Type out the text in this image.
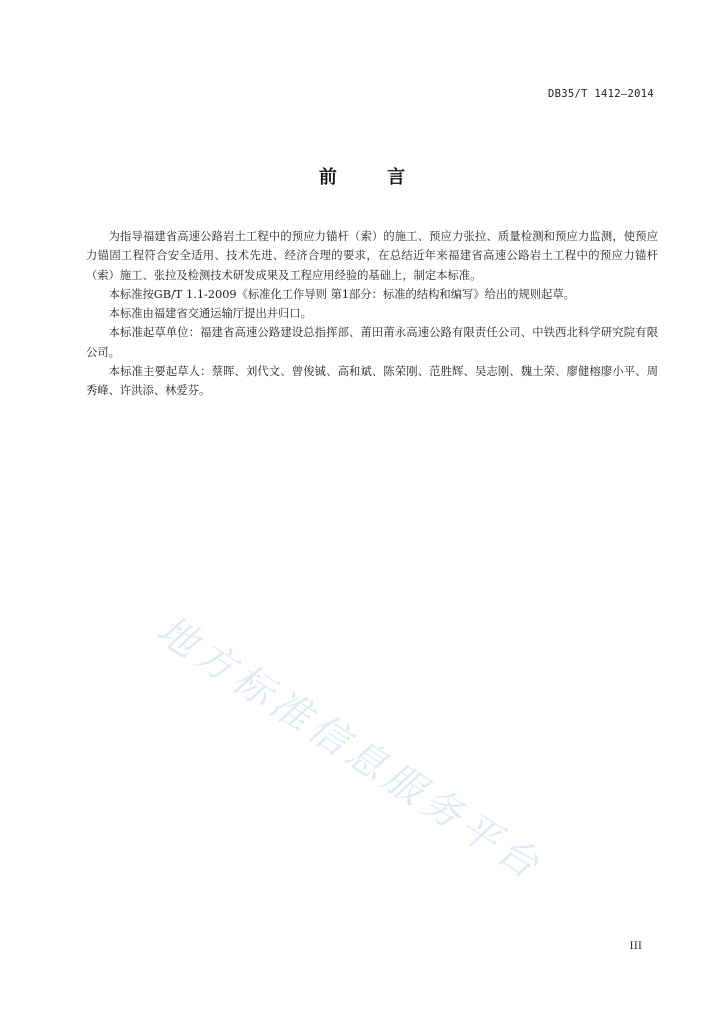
DB35/T 1412—2014
前 言

为指导福建省高速公路岩土工程中的预应力锚杆（索）的施工、预应力张拉、质量检测和预应力监测，使预应力锚固工程符合安全适用、技术先进、经济合理的要求，在总结近年来福建省高速公路岩土工程中的预应力锚杆（索）施工、张拉及检测技术研发成果及工程应用经验的基础上，制定本标准。

本标准按GB/T 1.1-2009《标准化工作导则 第1部分：标准的结构和编写》给出的规则起草。

本标准由福建省交通运输厅提出并归口。

本标准起草单位：福建省高速公路建设总指挥部、莆田莆永高速公路有限责任公司、中铁西北科学研究院有限公司。

本标准主要起草人：蔡晖、刘代文、曾俊铖、高和斌、陈荣刚、范胜辉、吴志刚、魏土荣、廖健榕廖小平、周秀峰、许洪添、林爱芬。

地方标准信息服务平台
III
